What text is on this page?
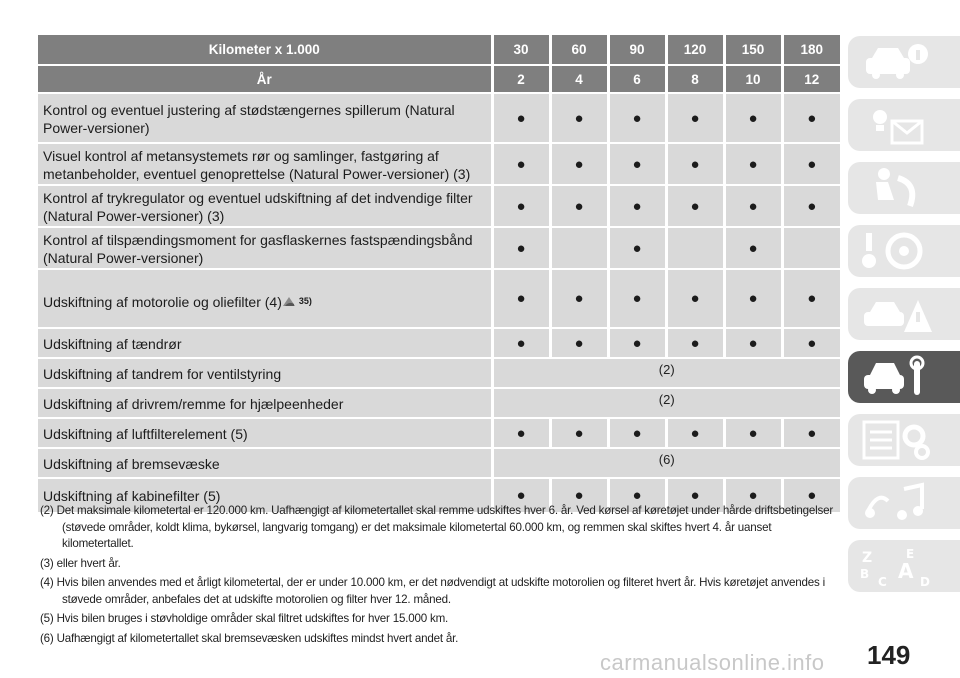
Kilometer x 1.000	30	60	90	120	150	180
År	2	4	6	8	10	12
Kontrol og eventuel justering af stødstængernes spillerum (Natural Power-versioner)	●	●	●	●	●	●
Visuel kontrol af metansystemets rør og samlinger, fastgøring af metanbeholder, eventuel genoprettelse (Natural Power-versioner) (3)	●	●	●	●	●	●
Kontrol af trykregulator og eventuel udskiftning af det indvendige filter (Natural Power-versioner) (3)	●	●	●	●	●	●
Kontrol af tilspændingsmoment for gasflaskernes fastspændingsbånd (Natural Power-versioner)	●		●		●	
Udskiftning af motorolie og oliefilter (4) 35)	●	●	●	●	●	●
Udskiftning af tændrør	●	●	●	●	●	●
Udskiftning af tandrem for ventilstyring	(2)					
Udskiftning af drivrem/remme for hjælpeenheder	(2)					
Udskiftning af luftfilterelement (5)	●	●	●	●	●	●
Udskiftning af bremsevæske	(6)					
Udskiftning af kabinefilter (5)	●	●	●	●	●	●
(2) Det maksimale kilometertal er 120.000 km. Uafhængigt af kilometertallet skal remme udskiftes hver 6. år. Ved kørsel af køretøjet under hårde driftsbetingelser (støvede områder, koldt klima, bykørsel, langvarig tomgang) er det maksimale kilometertal 60.000 km, og remmen skal skiftes hvert 4. år uanset kilometertallet.
(3) eller hvert år.
(4) Hvis bilen anvendes med et årligt kilometertal, der er under 10.000 km, er det nødvendigt at udskifte motorolien og filteret hvert år. Hvis køretøjet anvendes i støvede områder, anbefales det at udskifte motorolien og filter hver 12. måned.
(5) Hvis bilen bruges i støvholdige områder skal filtret udskiftes for hver 15.000 km.
(6) Uafhængigt af kilometertallet skal bremsevæsken udskiftes mindst hvert andet år.
Z	E
B A
C	D
149
carmanualsonline.info
